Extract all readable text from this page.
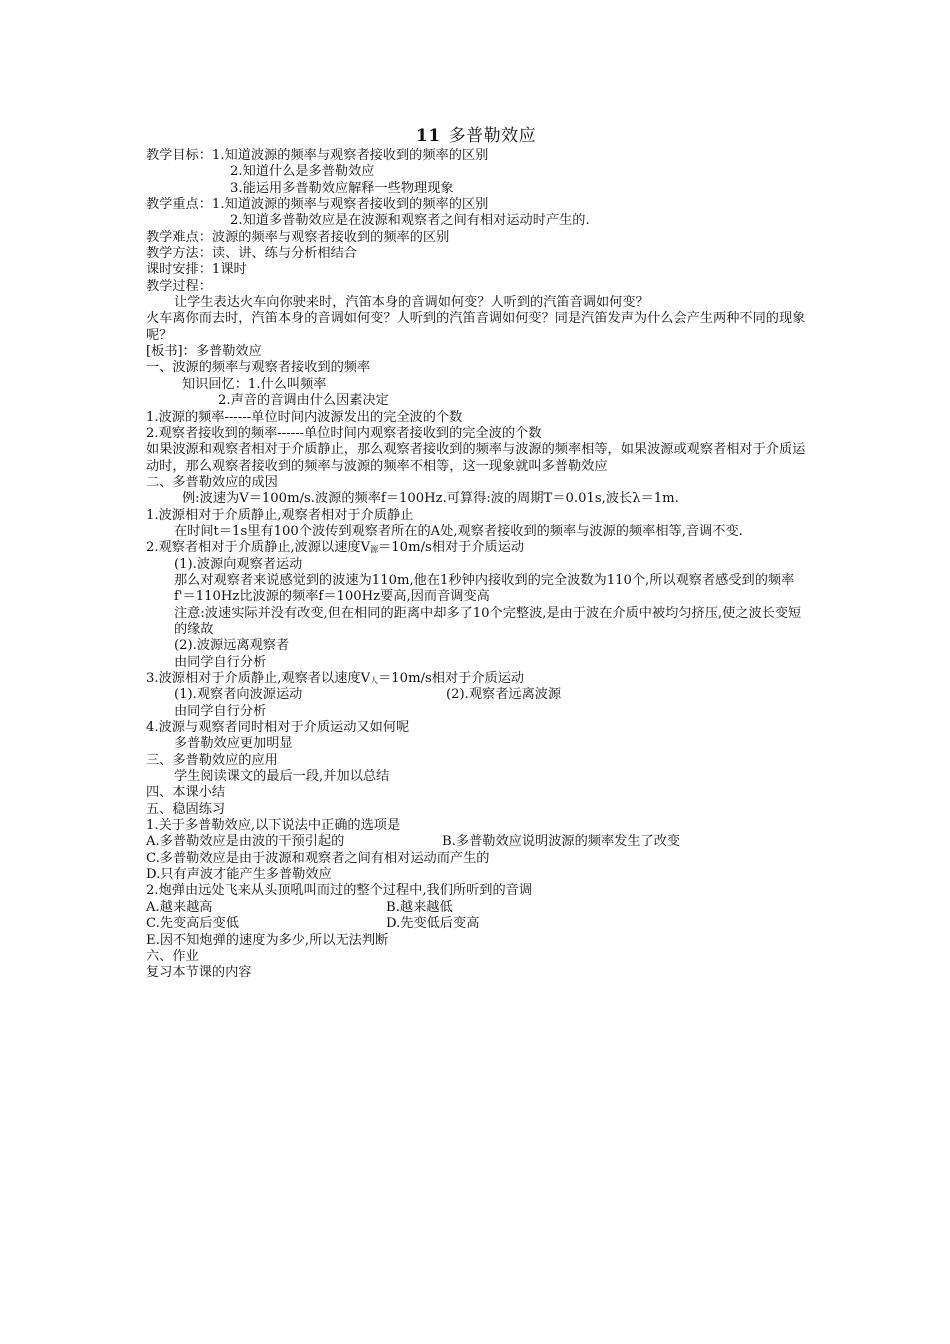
11 多普勒效应
教学目标：1.知道波源的频率与观察者接收到的频率的区别
2.知道什么是多普勒效应
3.能运用多普勒效应解释一些物理现象
教学重点：1.知道波源的频率与观察者接收到的频率的区别
2.知道多普勒效应是在波源和观察者之间有相对运动时产生的.
教学难点：波源的频率与观察者接收到的频率的区别
教学方法：读、讲、练与分析相结合
课时安排：1课时
教学过程：
让学生表达火车向你驶来时，汽笛本身的音调如何变？人听到的汽笛音调如何变？
火车离你而去时，汽笛本身的音调如何变？人听到的汽笛音调如何变？同是汽笛发声为什么会产生两种不同的现象呢？
[板书]：多普勒效应
一、波源的频率与观察者接收到的频率
知识回忆：1.什么叫频率
2.声音的音调由什么因素决定
1.波源的频率------单位时间内波源发出的完全波的个数
2.观察者接收到的频率------单位时间内观察者接收到的完全波的个数
如果波源和观察者相对于介质静止，那么观察者接收到的频率与波源的频率相等，如果波源或观察者相对于介质运动时，那么观察者接收到的频率与波源的频率不相等，这一现象就叫多普勒效应
二、多普勒效应的成因
例:波速为V＝100m/s.波源的频率f＝100Hz.可算得:波的周期T＝0.01s,波长λ＝1m.
1.波源相对于介质静止,观察者相对于介质静止
在时间t＝1s里有100个波传到观察者所在的A处,观察者接收到的频率与波源的频率相等,音调不变.
2.观察者相对于介质静止,波源以速度$V_源=10m/s$相对于介质运动
(1).波源向观察者运动
那么对观察者来说感觉到的波速为110m,他在1秒钟内接收到的完全波数为110个,所以观察者感受到的频率f'＝110Hz比波源的频率f＝100Hz要高,因而音调变高
注意:波速实际并没有改变,但在相同的距离中却多了10个完整波,是由于波在介质中被均匀挤压,使之波长变短的缘故
(2).波源远离观察者
由同学自行分析
3.波源相对于介质静止,观察者以速度$V_人=10m/s$相对于介质运动
(1).观察者向波源运动	(2).观察者远离波源
由同学自行分析
4.波源与观察者同时相对于介质运动又如何呢
多普勒效应更加明显
三、多普勒效应的应用
学生阅读课文的最后一段,并加以总结
四、本课小结
五、稳固练习
1.关于多普勒效应,以下说法中正确的选项是
A.多普勒效应是由波的干预引起的	B.多普勒效应说明波源的频率发生了改变
C.多普勒效应是由于波源和观察者之间有相对运动而产生的
D.只有声波才能产生多普勒效应
2.炮弹由远处飞来从头顶吼叫而过的整个过程中,我们所听到的音调
A.越来越高	B.越来越低
C.先变高后变低	D.先变低后变高
E.因不知炮弹的速度为多少,所以无法判断
六、作业
复习本节课的内容
